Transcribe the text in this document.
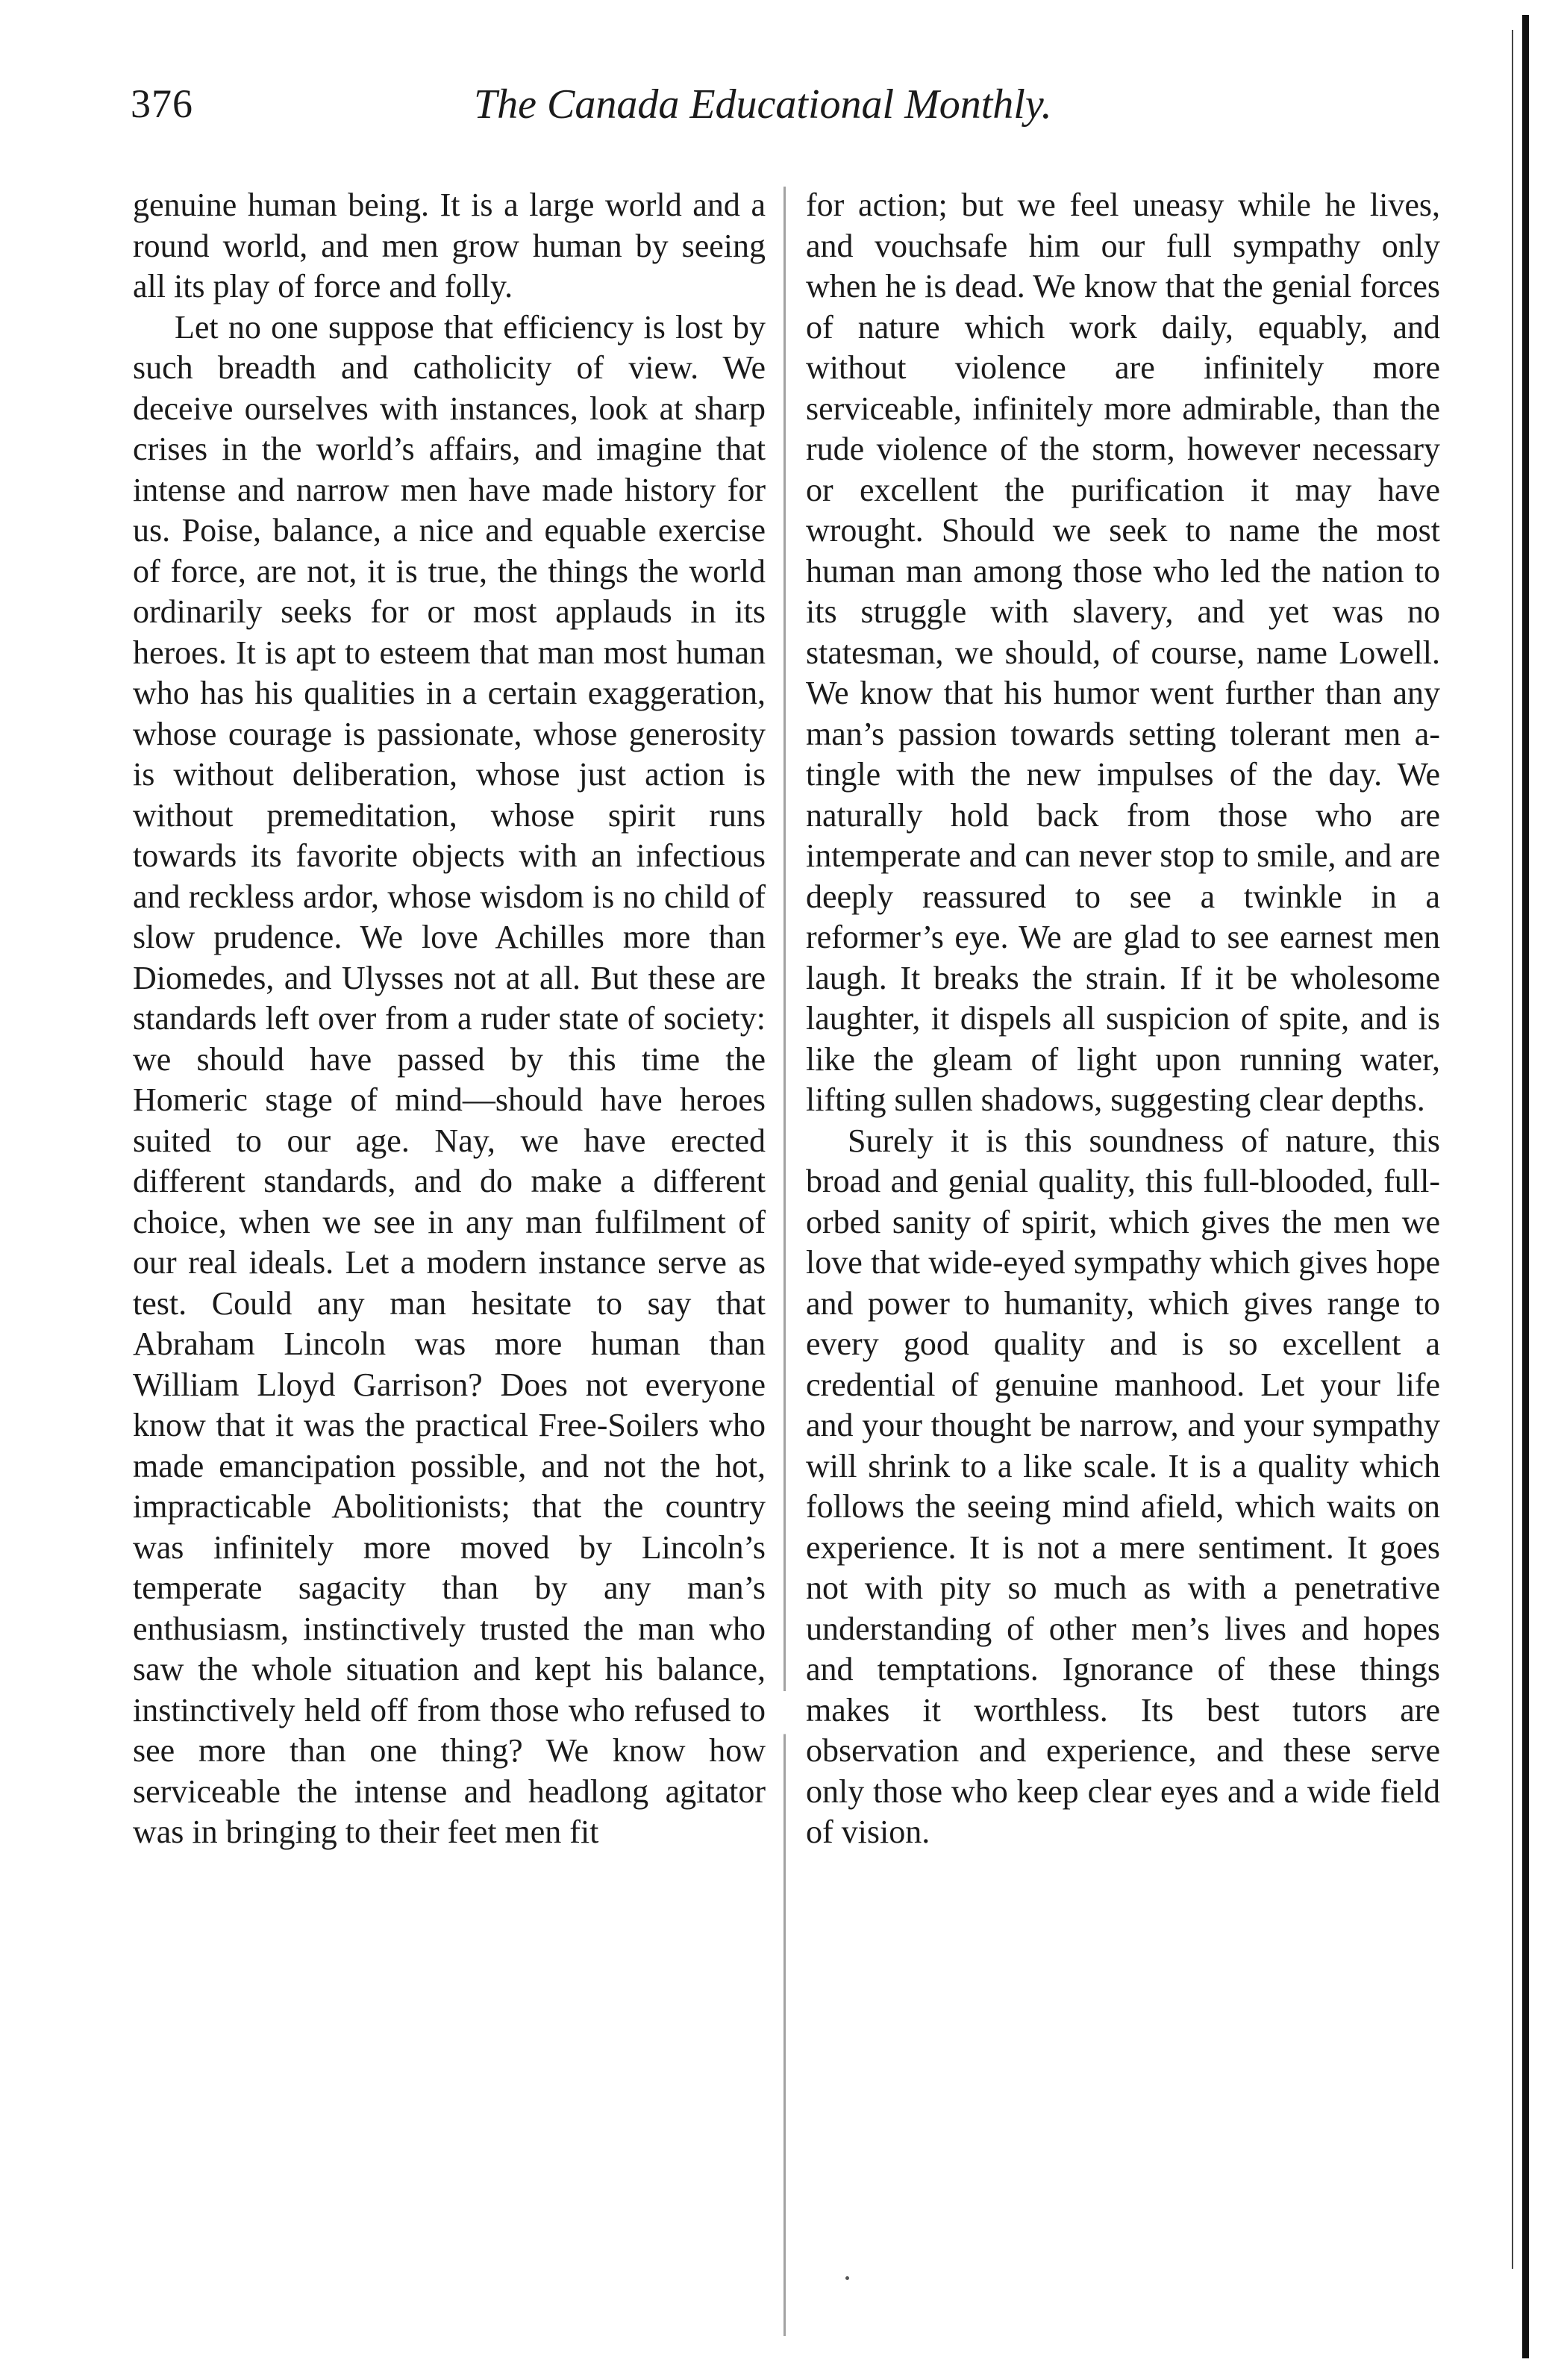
376	The Canada Educational Monthly.

genuine human being. It is a large world and a round world, and men grow human by seeing all its play of force and folly.

Let no one suppose that efficiency is lost by such breadth and catholicity of view. We deceive ourselves with instances, look at sharp crises in the world’s affairs, and imagine that intense and narrow men have made history for us. Poise, balance, a nice and equable exercise of force, are not, it is true, the things the world ordinarily seeks for or most applauds in its heroes. It is apt to esteem that man most human who has his qualities in a certain exaggeration, whose courage is passionate, whose generosity is without deliberation, whose just action is without premeditation, whose spirit runs towards its favorite objects with an infectious and reckless ardor, whose wisdom is no child of slow prudence. We love Achilles more than Diomedes, and Ulysses not at all. But these are standards left over from a ruder state of society: we should have passed by this time the Homeric stage of mind—should have heroes suited to our age. Nay, we have erected different standards, and do make a different choice, when we see in any man fulfilment of our real ideals. Let a modern instance serve as test. Could any man hesitate to say that Abraham Lincoln was more human than William Lloyd Garrison? Does not everyone know that it was the practical Free-Soilers who made emancipation possible, and not the hot, impracticable Abolitionists; that the country was infinitely more moved by Lincoln’s temperate sagacity than by any man’s enthusiasm, instinctively trusted the man who saw the whole situation and kept his balance, instinctively held off from those who refused to see more than one thing? We know how serviceable the intense and headlong agitator was in bringing to their feet men fit

for action; but we feel uneasy while he lives, and vouchsafe him our full sympathy only when he is dead. We know that the genial forces of nature which work daily, equably, and without violence are infinitely more serviceable, infinitely more admirable, than the rude violence of the storm, however necessary or excellent the purification it may have wrought. Should we seek to name the most human man among those who led the nation to its struggle with slavery, and yet was no statesman, we should, of course, name Lowell. We know that his humor went further than any man’s passion towards setting tolerant men a-tingle with the new impulses of the day. We naturally hold back from those who are intemperate and can never stop to smile, and are deeply reassured to see a twinkle in a reformer’s eye. We are glad to see earnest men laugh. It breaks the strain. If it be wholesome laughter, it dispels all suspicion of spite, and is like the gleam of light upon running water, lifting sullen shadows, suggesting clear depths.

Surely it is this soundness of nature, this broad and genial quality, this full-blooded, full-orbed sanity of spirit, which gives the men we love that wide-eyed sympathy which gives hope and power to humanity, which gives range to every good quality and is so excellent a credential of genuine manhood. Let your life and your thought be narrow, and your sympathy will shrink to a like scale. It is a quality which follows the seeing mind afield, which waits on experience. It is not a mere sentiment. It goes not with pity so much as with a penetrative understanding of other men’s lives and hopes and temptations. Ignorance of these things makes it worthless. Its best tutors are observation and experience, and these serve only those who keep clear eyes and a wide field of vision.
